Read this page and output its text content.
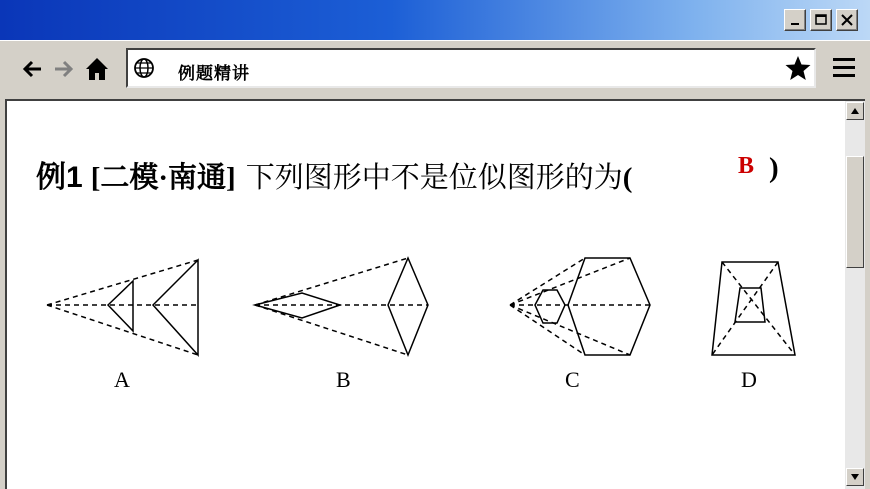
例题精讲
例1 [二模·南通] 下列图形中不是位似图形的为(	B )
A	B	C	D
